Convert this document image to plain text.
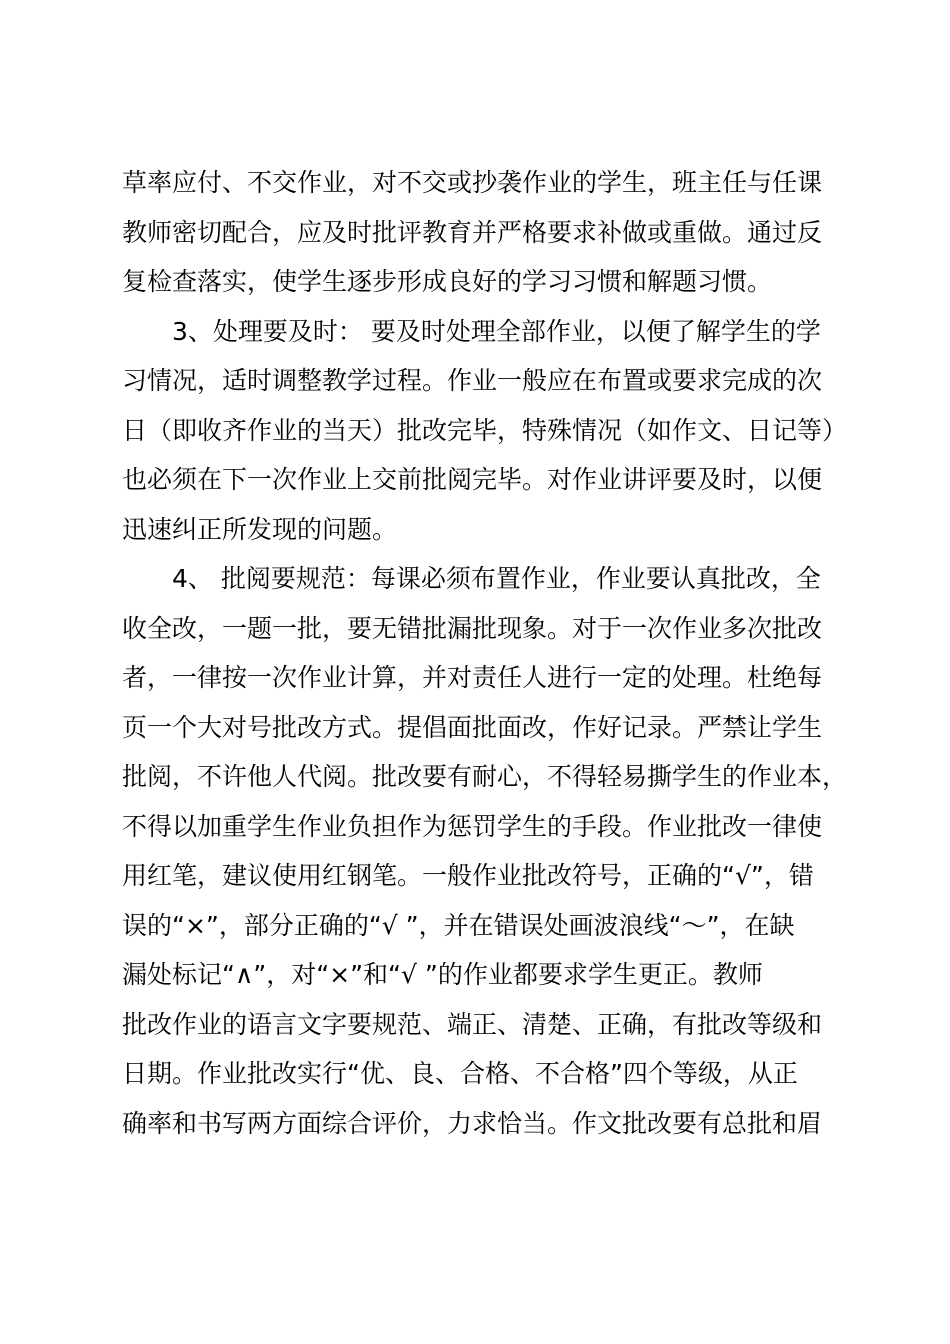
草率应付、不交作业，对不交或抄袭作业的学生，班主任与任课
教师密切配合，应及时批评教育并严格要求补做或重做。通过反
复检查落实，使学生逐步形成良好的学习习惯和解题习惯。
3、处理要及时： 要及时处理全部作业，以便了解学生的学
习情况，适时调整教学过程。作业一般应在布置或要求完成的次
日（即收齐作业的当天）批改完毕，特殊情况（如作文、日记等）
也必须在下一次作业上交前批阅完毕。对作业讲评要及时，以便
迅速纠正所发现的问题。
4、 批阅要规范：每课必须布置作业，作业要认真批改，全
收全改，一题一批，要无错批漏批现象。对于一次作业多次批改
者，一律按一次作业计算，并对责任人进行一定的处理。杜绝每
页一个大对号批改方式。提倡面批面改，作好记录。严禁让学生
批阅，不许他人代阅。批改要有耐心，不得轻易撕学生的作业本，
不得以加重学生作业负担作为惩罚学生的手段。作业批改一律使
用红笔，建议使用红钢笔。一般作业批改符号，正确的“√”，错
误的“×”，部分正确的“√ ”，并在错误处画波浪线“～”，在缺
漏处标记“∧”，对“×”和“√ ”的作业都要求学生更正。教师
批改作业的语言文字要规范、端正、清楚、正确，有批改等级和
日期。作业批改实行“优、良、合格、不合格”四个等级，从正
确率和书写两方面综合评价，力求恰当。作文批改要有总批和眉
